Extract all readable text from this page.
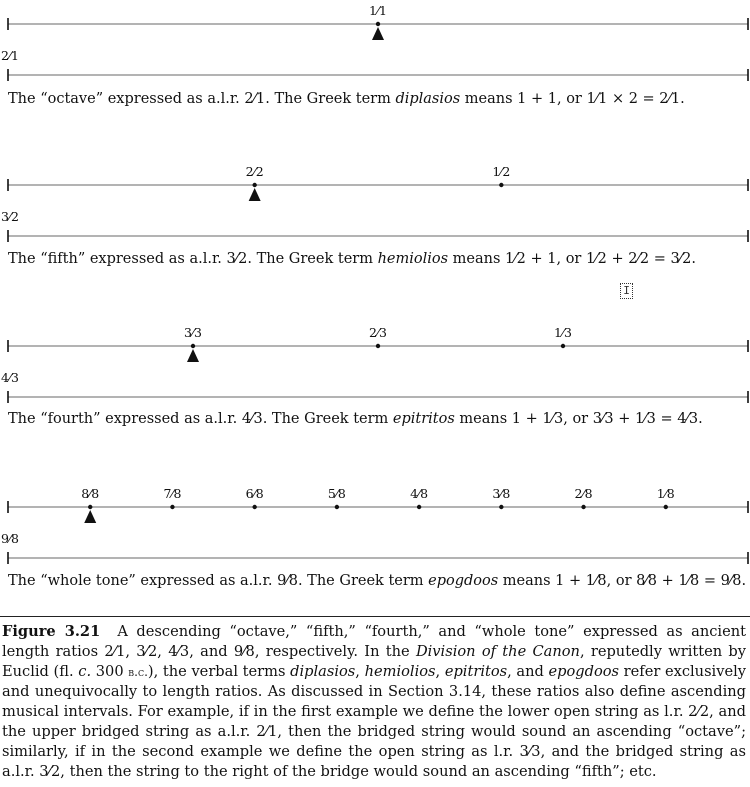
1⁄1
2⁄1
2⁄2	1⁄2
3⁄2
3⁄3	2⁄3	1⁄3
4⁄3
8⁄8	7⁄8	6⁄8	5⁄8	4⁄8	3⁄8	2⁄8	1⁄8
9⁄8
The “octave” expressed as a.l.r. 2⁄1. The Greek term diplasios means 1 + 1, or 1⁄1 × 2 = 2⁄1.
The “fifth” expressed as a.l.r. 3⁄2. The Greek term hemiolios means 1⁄2 + 1, or 1⁄2 + 2⁄2 = 3⁄2.
The “fourth” expressed as a.l.r. 4⁄3. The Greek term epitritos means 1 + 1⁄3, or 3⁄3 + 1⁄3 = 4⁄3.
The “whole tone” expressed as a.l.r. 9⁄8. The Greek term epogdoos means 1 + 1⁄8, or 8⁄8 + 1⁄8 = 9⁄8.
I
Figure 3.21 A descending “octave,” “fifth,” “fourth,” and “whole tone” expressed as ancient length ratios 2⁄1, 3⁄2, 4⁄3, and 9⁄8, respectively. In the Division of the Canon, reputedly written by Euclid (fl. c. 300 b.c.), the verbal terms diplasios, hemiolios, epitritos, and epogdoos refer exclusively and unequivocally to length ratios. As discussed in Section 3.14, these ratios also define ascending musical intervals. For example, if in the first example we define the lower open string as l.r. 2⁄2, and the upper bridged string as a.l.r. 2⁄1, then the bridged string would sound an ascending “octave”; similarly, if in the second example we define the open string as l.r. 3⁄3, and the bridged string as a.l.r. 3⁄2, then the string to the right of the bridge would sound an ascending “fifth”; etc.
